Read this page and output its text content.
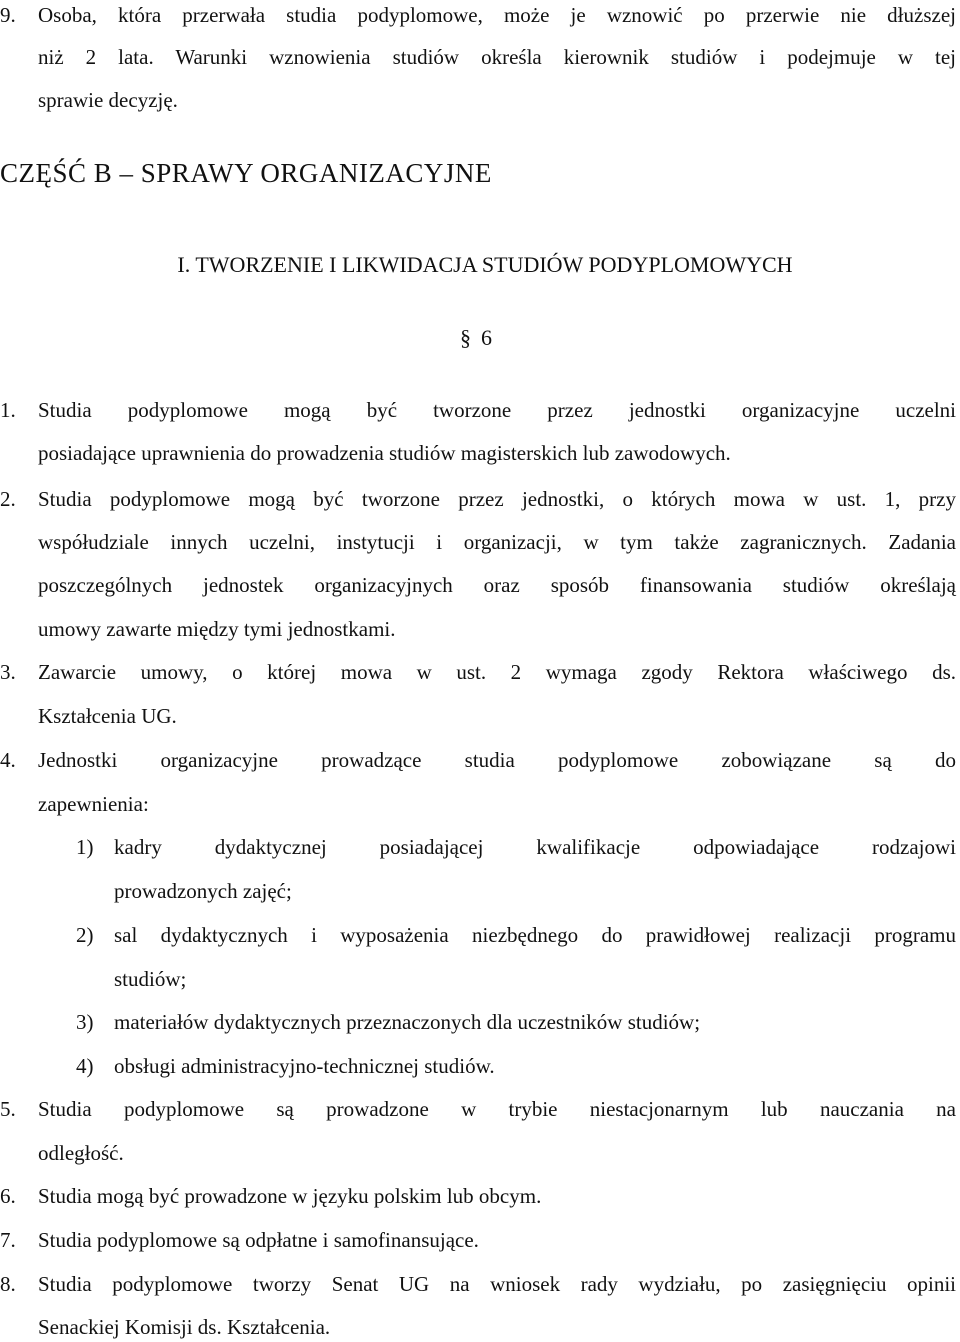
9.	Osoba, która przerwała studia podyplomowe, może je wznowić po przerwie nie dłuższej
niż 2 lata. Warunki wznowienia studiów określa kierownik studiów i podejmuje w tej
sprawie decyzję.
CZĘŚĆ B – SPRAWY ORGANIZACYJNE
I. TWORZENIE I LIKWIDACJA STUDIÓW PODYPLOMOWYCH
§ 6
1.	Studia podyplomowe mogą być tworzone przez jednostki organizacyjne uczelni
posiadające uprawnienia do prowadzenia studiów magisterskich lub zawodowych.
2.	Studia podyplomowe mogą być tworzone przez jednostki, o których mowa w ust. 1, przy
współudziale innych uczelni, instytucji i organizacji, w tym także zagranicznych. Zadania
poszczególnych jednostek organizacyjnych oraz sposób finansowania studiów określają
umowy zawarte między tymi jednostkami.
3.	Zawarcie umowy, o której mowa w ust. 2 wymaga zgody Rektora właściwego ds.
Kształcenia UG.
4.	Jednostki organizacyjne prowadzące studia podyplomowe zobowiązane są do
zapewnienia:
1) kadry dydaktycznej posiadającej kwalifikacje odpowiadające rodzajowi
prowadzonych zajęć;
2) sal dydaktycznych i wyposażenia niezbędnego do prawidłowej realizacji programu
studiów;
3) materiałów dydaktycznych przeznaczonych dla uczestników studiów;
4) obsługi administracyjno-technicznej studiów.
5.	Studia podyplomowe są prowadzone w trybie niestacjonarnym lub nauczania na
odległość.
6.	Studia mogą być prowadzone w języku polskim lub obcym.
7.	Studia podyplomowe są odpłatne i samofinansujące.
8.	Studia podyplomowe tworzy Senat UG na wniosek rady wydziału, po zasięgnięciu opinii
Senackiej Komisji ds. Kształcenia.
